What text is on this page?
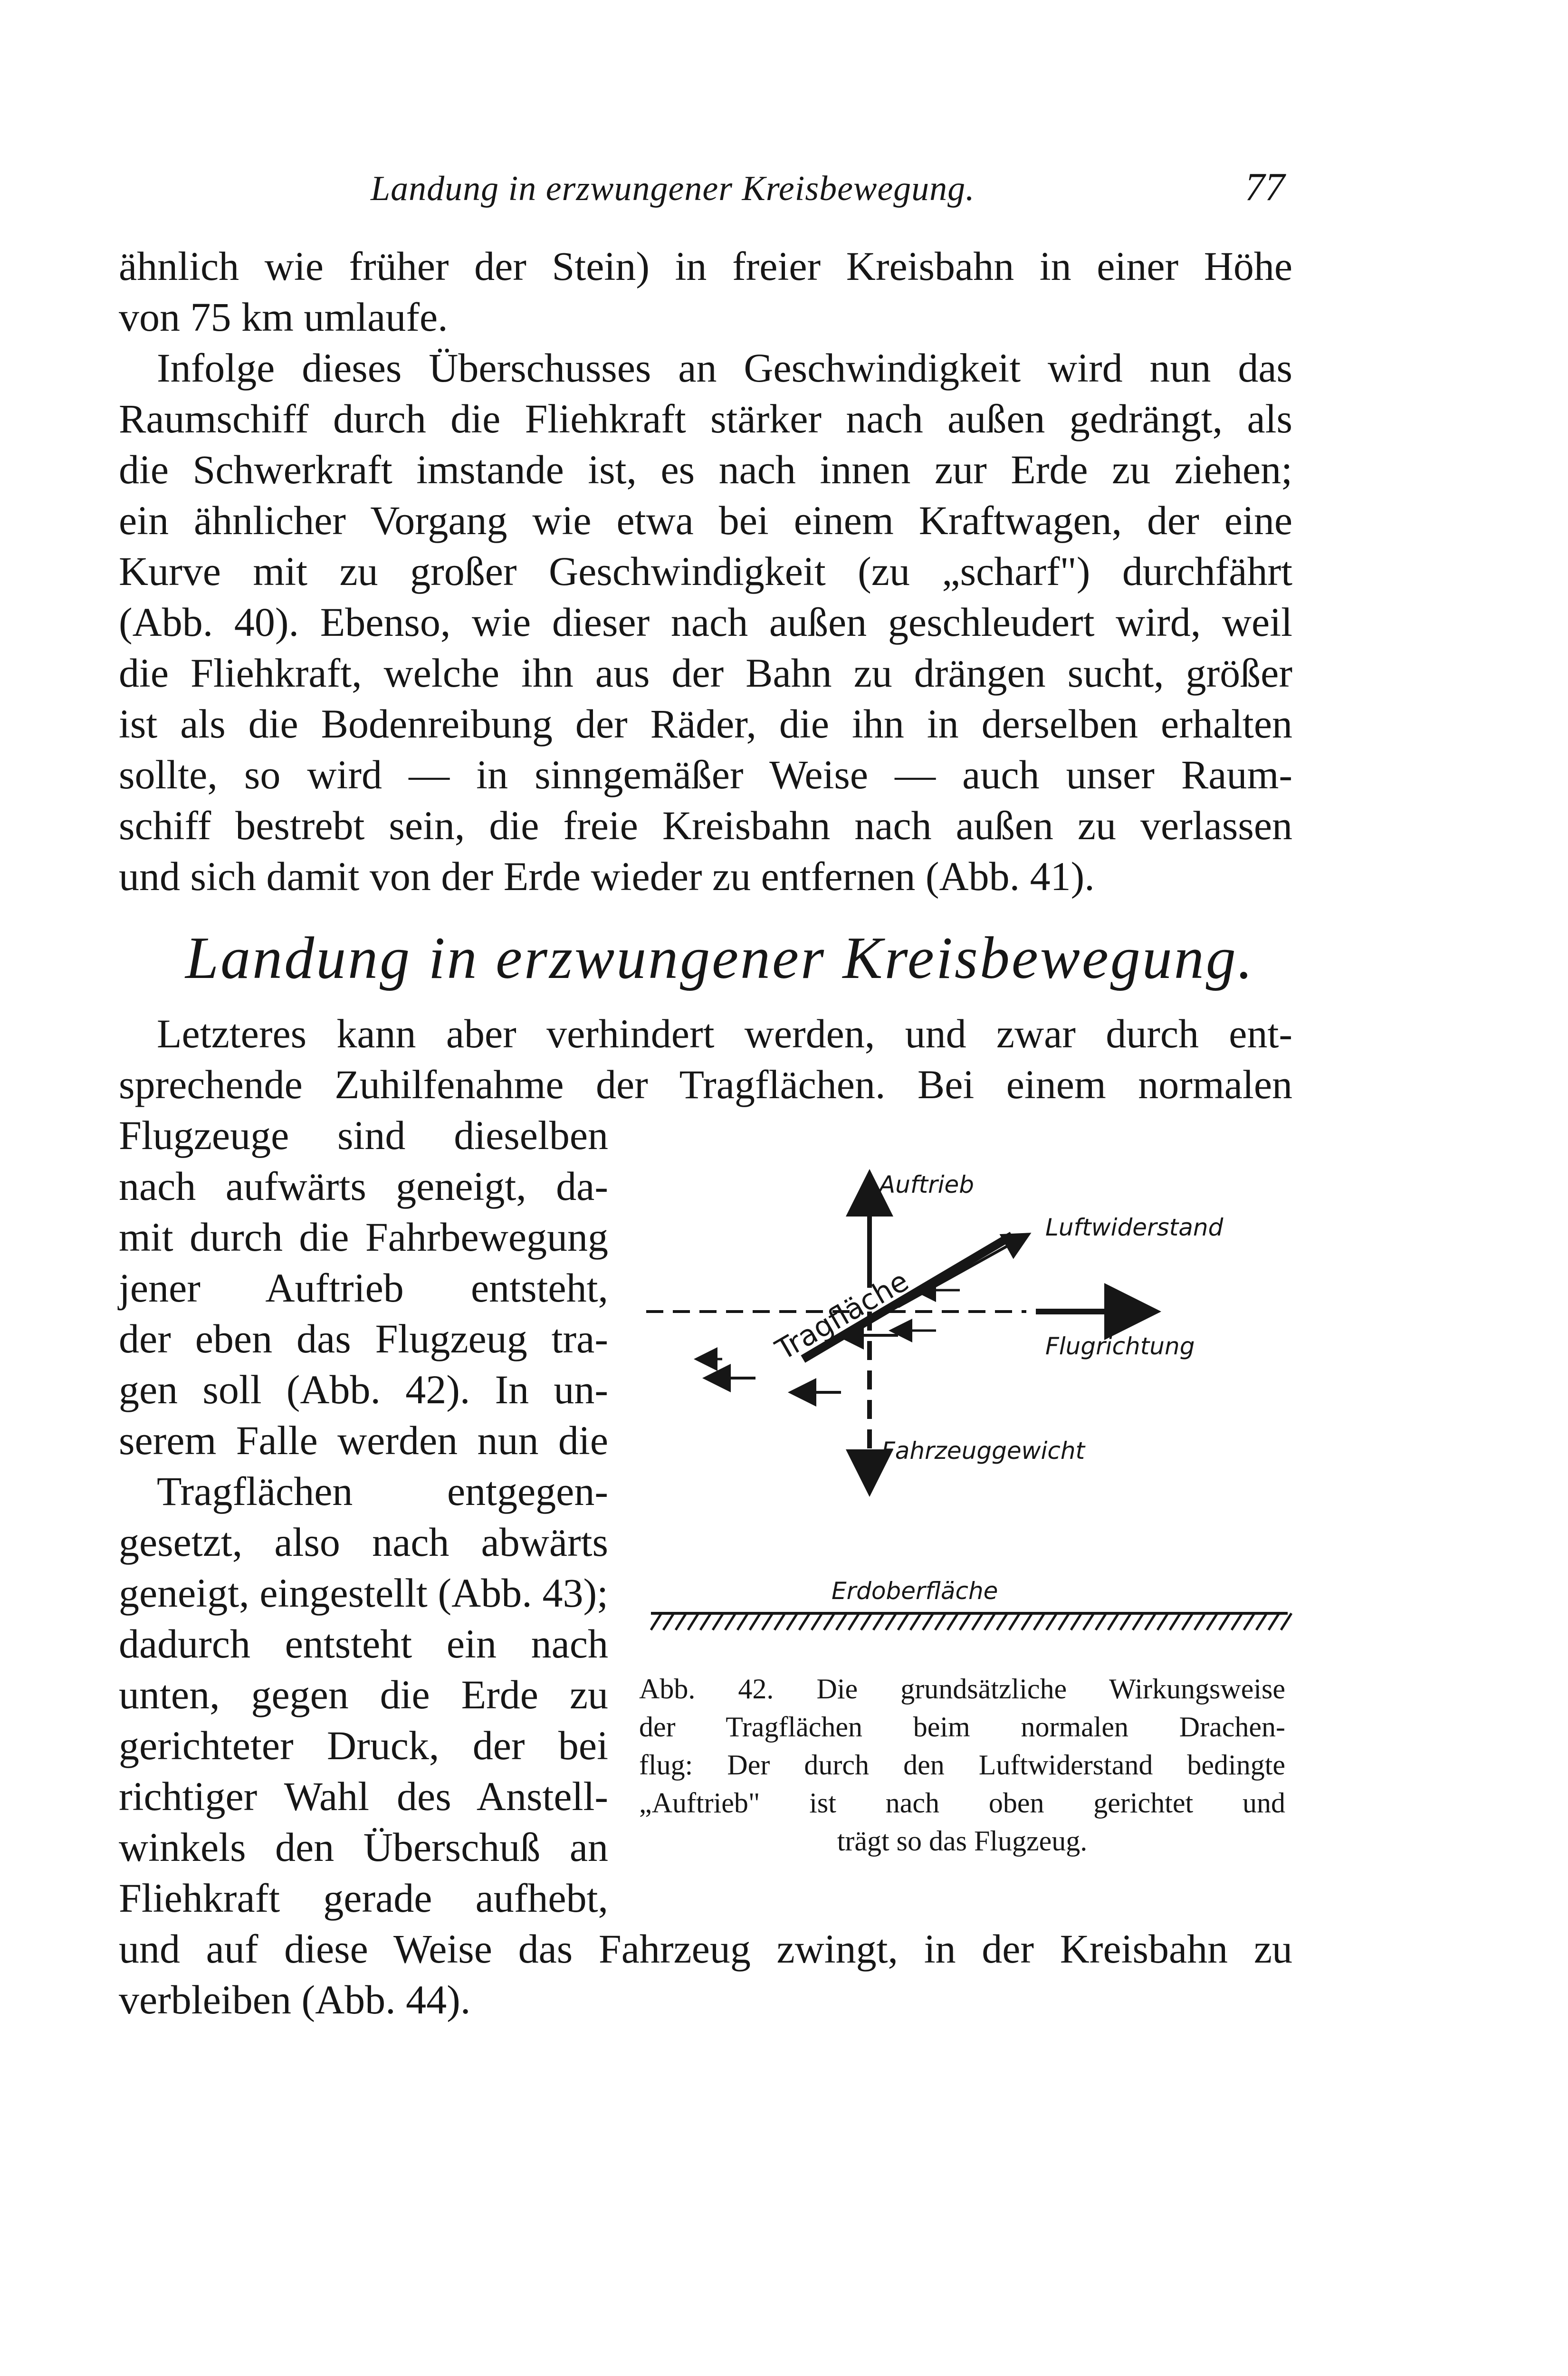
Landung in erzwungener Kreisbewegung.	77
ähnlich wie früher der Stein) in freier Kreisbahn in einer Höhe
von 75 km umlaufe.
Infolge dieses Überschusses an Geschwindigkeit wird nun das
Raumschiff durch die Fliehkraft stärker nach außen gedrängt, als
die Schwerkraft imstande ist, es nach innen zur Erde zu ziehen;
ein ähnlicher Vorgang wie etwa bei einem Kraftwagen, der eine
Kurve mit zu großer Geschwindigkeit (zu „scharf") durchfährt
(Abb. 40). Ebenso, wie dieser nach außen geschleudert wird, weil
die Fliehkraft, welche ihn aus der Bahn zu drängen sucht, größer
ist als die Bodenreibung der Räder, die ihn in derselben erhalten
sollte, so wird — in sinngemäßer Weise — auch unser Raum-
schiff bestrebt sein, die freie Kreisbahn nach außen zu verlassen
und sich damit von der Erde wieder zu entfernen (Abb. 41).
Landung in erzwungener Kreisbewegung.
Letzteres kann aber verhindert werden, und zwar durch ent-
sprechende Zuhilfenahme der Tragflächen. Bei einem normalen
Flugzeuge sind dieselben
nach aufwärts geneigt, da-
mit durch die Fahrbewegung
jener Auftrieb entsteht,
der eben das Flugzeug tra-
gen soll (Abb. 42). In un-
serem Falle werden nun die
Tragflächen entgegen-
gesetzt, also nach abwärts
geneigt, eingestellt (Abb. 43);
dadurch entsteht ein nach
unten, gegen die Erde zu
gerichteter Druck, der bei
richtiger Wahl des Anstell-
winkels den Überschuß an
Fliehkraft gerade aufhebt,
und auf diese Weise das Fahrzeug zwingt, in der Kreisbahn zu
verbleiben (Abb. 44).
Auftrieb
Luftwiderstand
Tragfläche	Flugrichtung
Fahrzeuggewicht
Erdoberfläche
Abb. 42. Die grundsätzliche Wirkungsweise
der Tragflächen beim normalen Drachen-
flug: Der durch den Luftwiderstand bedingte
„Auftrieb" ist nach oben gerichtet und
trägt so das Flugzeug.
